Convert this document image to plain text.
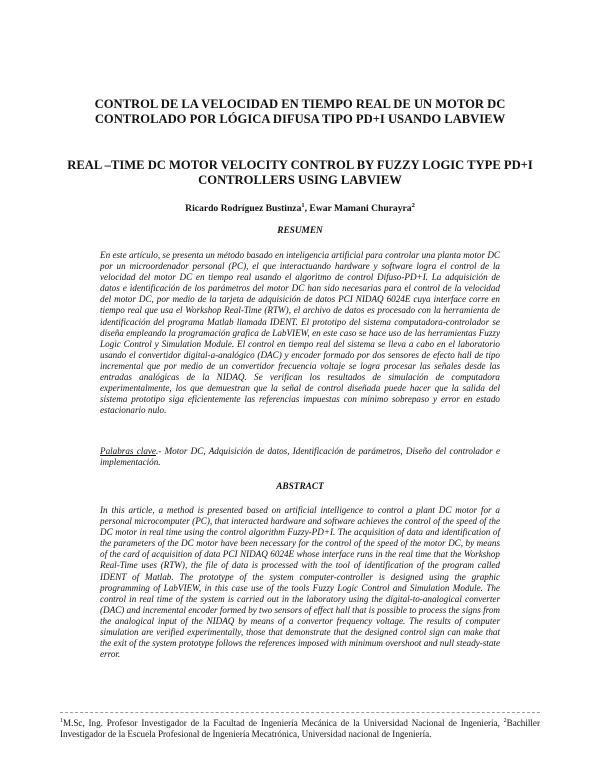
CONTROL DE LA VELOCIDAD EN TIEMPO REAL DE UN MOTOR DC CONTROLADO POR LÓGICA DIFUSA TIPO PD+I USANDO LABVIEW
REAL –TIME DC MOTOR VELOCITY CONTROL BY FUZZY LOGIC TYPE PD+I CONTROLLERS USING LABVIEW
Ricardo Rodríguez Bustinza$^1$, Ewar Mamani Churayra$^2$
RESUMEN
En este artículo, se presenta un método basado en inteligencia artificial para controlar una planta motor DC por un microordenador personal (PC), el que interactuando hardware y software logra el control de la velocidad del motor DC en tiempo real usando el algoritmo de control Difuso-PD+I. La adquisición de datos e identificación de los parámetros del motor DC han sido necesarias para el control de la velocidad del motor DC, por medio de la tarjeta de adquisición de datos PCI NIDAQ 6024E cuya interface corre en tiempo real que usa el Workshop Real-Time (RTW), el archivo de datos es procesado con la herramienta de identificación del programa Matlab llamada IDENT. El prototipo del sistema computadora-controlador se diseña empleando la programación grafica de LabVIEW, en este caso se hace uso de las herramientas Fuzzy Logic Control y Simulation Module. El control en tiempo real del sistema se lleva a cabo en el laboratorio usando el convertidor digital-a-analógico (DAC) y encoder formado por dos sensores de efecto hall de tipo incremental que por medio de un convertidor frecuencia voltaje se logra procesar las señales desde las entradas analógicas de la NIDAQ. Se verifican los resultados de simulación de computadora experimentalmente, los que demuestran que la señal de control diseñada puede hacer que la salida del sistema prototipo siga eficientemente las referencias impuestas con mínimo sobrepaso y error en estado estacionario nulo.
Palabras clave.- Motor DC, Adquisición de datos, Identificación de parámetros, Diseño del controlador e implementación.
ABSTRACT
In this article, a method is presented based on artificial intelligence to control a plant DC motor for a personal microcomputer (PC), that interacted hardware and software achieves the control of the speed of the DC motor in real time using the control algorithm Fuzzy-PD+I. The acquisition of data and identification of the parameters of the DC motor have been necessary for the control of the speed of the motor DC, by means of the card of acquisition of data PCI NIDAQ 6024E whose interface runs in the real time that the Workshop Real-Time uses (RTW), the file of data is processed with the tool of identification of the program called IDENT of Matlab. The prototype of the system computer-controller is designed using the graphic programming of LabVIEW, in this case use of the tools Fuzzy Logic Control and Simulation Module. The control in real time of the system is carried out in the laboratory using the digital-to-analogical converter (DAC) and incremental encoder formed by two sensors of effect hall that is possible to process the signs from the analogical input of the NIDAQ by means of a convertor frequency voltage. The results of computer simulation are verified experimentally, those that demonstrate that the designed control sign can make that the exit of the system prototype follows the references imposed with minimum overshoot and null steady-state error.
$^1$M.Sc, Ing. Profesor Investigador de la Facultad de Ingeniería Mecánica de la Universidad Nacional de Ingeniería, $^2$Bachiller Investigador de la Escuela Profesional de Ingeniería Mecatrónica, Universidad nacional de Ingeniería.
